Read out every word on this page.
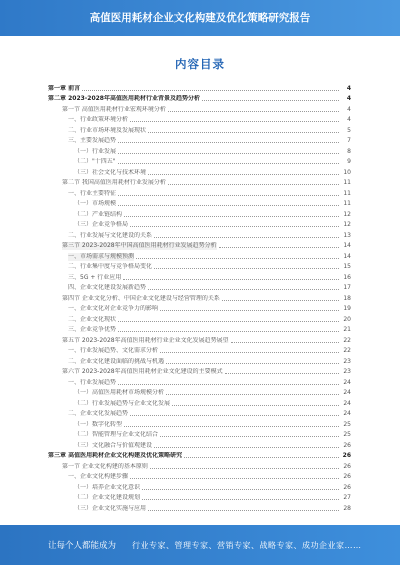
高值医用耗材企业文化构建及优化策略研究报告
内容目录
第一章 前言	4
第二章 2023-2028年高值医用耗材行业背景及趋势分析	4
第一节 高值医用耗材行业宏观环境分析	4
一、行业政策环境分析	4
二、行业市场环境及发展现状	5
三、主要发展趋势	7
（一）行业发展	8
（二）"十四五"	9
（三）社会文化与技术环境	10
第二节 我国高值医用耗材行业发展分析	11
一、行业主要特征	11
（一）市场规模	11
（二）产业链结构	12
（三）企业竞争格局	12
二、行业发展与文化建设的关系	13
第三节 2023-2028年中国高值医用耗材行业发展趋势分析	14
一、市场需求与规模预测	14
二、行业集中度与竞争格局变化	15
三、5G + 行业应用	16
四、企业文化建设发展新趋势	17
第四节 企业文化分析、中国企业文化建设与经营管理的关系	18
一、企业文化对企业竞争力的影响	19
二、企业文化现状	20
三、企业竞争优势	21
第五节 2023-2028年高值医用耗材行业企业文化发展趋势展望	22
一、行业发展趋势、文化需求分析	22
二、企业文化建设面临的挑战与机遇	23
第六节 2023-2028年高值医用耗材企业文化建设的主要模式	23
一、行业发展趋势	24
（一）高值医用耗材市场规模分析	24
（二）行业发展趋势与企业文化发展	24
二、企业文化发展趋势	24
（一）数字化转型	25
（二）智能管理与企业文化结合	25
（三）文化融合与价值观建设	26
第三章 高值医用耗材企业文化构建及优化策略研究	26
第一节 企业文化构建的基本原则	26
一、企业文化构建步骤	26
（一）培养企业文化意识	26
（二）企业文化建设规划	27
（三）企业文化实施与应用	28
让每个人都能成为 行业专家、管理专家、营销专家、战略专家、成功企业家……
